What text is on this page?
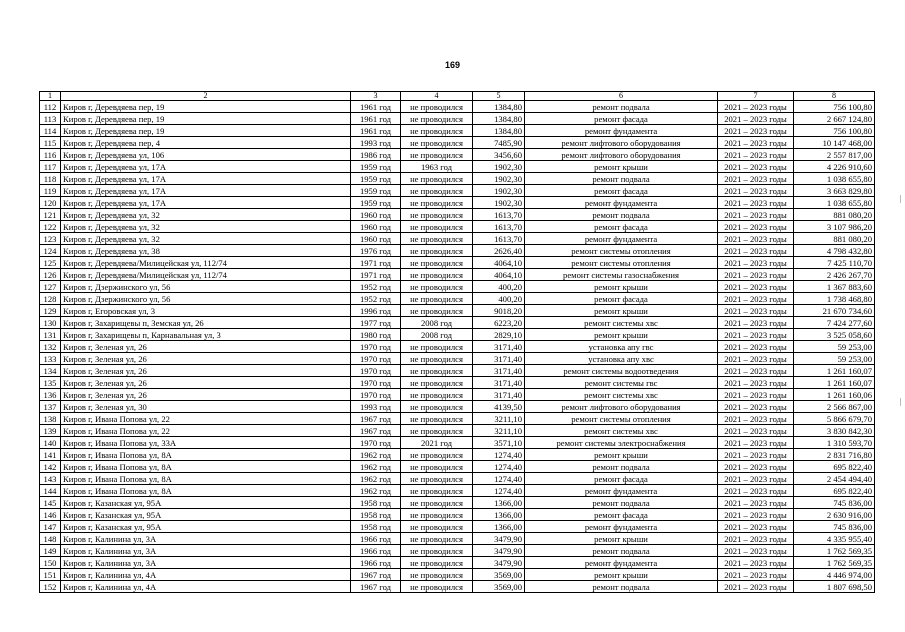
169
1	2	3	4	5	6	7	8
112	Киров г, Деревдяева пер, 19	1961 год	не проводился	1384,80	ремонт подвала	2021 – 2023 годы	756 100,80
113	Киров г, Деревдяева пер, 19	1961 год	не проводился	1384,80	ремонт фасада	2021 – 2023 годы	2 667 124,80
114	Киров г, Деревдяева пер, 19	1961 год	не проводился	1384,80	ремонт фундамента	2021 – 2023 годы	756 100,80
115	Киров г, Деревдяева пер, 4	1993 год	не проводился	7485,90	ремонт лифтового оборудования	2021 – 2023 годы	10 147 468,00
116	Киров г, Деревдяева ул, 106	1986 год	не проводился	3456,60	ремонт лифтового оборудования	2021 – 2023 годы	2 557 817,00
117	Киров г, Деревдяева ул, 17А	1959 год	1963 год	1902,30	ремонт крыши	2021 – 2023 годы	4 226 910,60
118	Киров г, Деревдяева ул, 17А	1959 год	не проводился	1902,30	ремонт подвала	2021 – 2023 годы	1 038 655,80
119	Киров г, Деревдяева ул, 17А	1959 год	не проводился	1902,30	ремонт фасада	2021 – 2023 годы	3 663 829,80
120	Киров г, Деревдяева ул, 17А	1959 год	не проводился	1902,30	ремонт фундамента	2021 – 2023 годы	1 038 655,80
121	Киров г, Деревдяева ул, 32	1960 год	не проводился	1613,70	ремонт подвала	2021 – 2023 годы	881 080,20
122	Киров г, Деревдяева ул, 32	1960 год	не проводился	1613,70	ремонт фасада	2021 – 2023 годы	3 107 986,20
123	Киров г, Деревдяева ул, 32	1960 год	не проводился	1613,70	ремонт фундамента	2021 – 2023 годы	881 080,20
124	Киров г, Деревдяева ул, 38	1976 год	не проводился	2626,40	ремонт системы отопления	2021 – 2023 годы	4 798 432,80
125	Киров г, Деревдяева/Милицейская ул, 112/74	1971 год	не проводился	4064,10	ремонт системы отопления	2021 – 2023 годы	7 425 110,70
126	Киров г, Деревдяева/Милицейская ул, 112/74	1971 год	не проводился	4064,10	ремонт системы газоснабжения	2021 – 2023 годы	2 426 267,70
127	Киров г, Дзержинского ул, 56	1952 год	не проводился	400,20	ремонт крыши	2021 – 2023 годы	1 367 883,60
128	Киров г, Дзержинского ул, 56	1952 год	не проводился	400,20	ремонт фасада	2021 – 2023 годы	1 738 468,80
129	Киров г, Егоровская ул, 3	1996 год	не проводился	9018,20	ремонт крыши	2021 – 2023 годы	21 670 734,60
130	Киров г, Захарищевы п, Земская ул, 26	1977 год	2008 год	6223,20	ремонт системы хвс	2021 – 2023 годы	7 424 277,60
131	Киров г, Захарищевы п, Карнавальная ул, 3	1980 год	2008 год	2829,10	ремонт крыши	2021 – 2023 годы	3 525 058,60
132	Киров г, Зеленая ул, 26	1970 год	не проводился	3171,40	установка апу гвс	2021 – 2023 годы	59 253,00
133	Киров г, Зеленая ул, 26	1970 год	не проводился	3171,40	установка апу хвс	2021 – 2023 годы	59 253,00
134	Киров г, Зеленая ул, 26	1970 год	не проводился	3171,40	ремонт системы водоотведения	2021 – 2023 годы	1 261 160,07
135	Киров г, Зеленая ул, 26	1970 год	не проводился	3171,40	ремонт системы гвс	2021 – 2023 годы	1 261 160,07
136	Киров г, Зеленая ул, 26	1970 год	не проводился	3171,40	ремонт системы хвс	2021 – 2023 годы	1 261 160,06
137	Киров г, Зеленая ул, 30	1993 год	не проводился	4139,50	ремонт лифтового оборудования	2021 – 2023 годы	2 566 867,00
138	Киров г, Ивана Попова ул, 22	1967 год	не проводился	3211,10	ремонт системы отопления	2021 – 2023 годы	5 866 679,70
139	Киров г, Ивана Попова ул, 22	1967 год	не проводился	3211,10	ремонт системы хвс	2021 – 2023 годы	3 830 842,30
140	Киров г, Ивана Попова ул, 33А	1970 год	2021 год	3571,10	ремонт системы электроснабжения	2021 – 2023 годы	1 310 593,70
141	Киров г, Ивана Попова ул, 8А	1962 год	не проводился	1274,40	ремонт крыши	2021 – 2023 годы	2 831 716,80
142	Киров г, Ивана Попова ул, 8А	1962 год	не проводился	1274,40	ремонт подвала	2021 – 2023 годы	695 822,40
143	Киров г, Ивана Попова ул, 8А	1962 год	не проводился	1274,40	ремонт фасада	2021 – 2023 годы	2 454 494,40
144	Киров г, Ивана Попова ул, 8А	1962 год	не проводился	1274,40	ремонт фундамента	2021 – 2023 годы	695 822,40
145	Киров г, Казанская ул, 95А	1958 год	не проводился	1366,00	ремонт подвала	2021 – 2023 годы	745 836,00
146	Киров г, Казанская ул, 95А	1958 год	не проводился	1366,00	ремонт фасада	2021 – 2023 годы	2 630 916,00
147	Киров г, Казанская ул, 95А	1958 год	не проводился	1366,00	ремонт фундамента	2021 – 2023 годы	745 836,00
148	Киров г, Калинина ул, 3А	1966 год	не проводился	3479,90	ремонт крыши	2021 – 2023 годы	4 335 955,40
149	Киров г, Калинина ул, 3А	1966 год	не проводился	3479,90	ремонт подвала	2021 – 2023 годы	1 762 569,35
150	Киров г, Калинина ул, 3А	1966 год	не проводился	3479,90	ремонт фундамента	2021 – 2023 годы	1 762 569,35
151	Киров г, Калинина ул, 4А	1967 год	не проводился	3569,00	ремонт крыши	2021 – 2023 годы	4 446 974,00
152	Киров г, Калинина ул, 4А	1967 год	не проводился	3569,00	ремонт подвала	2021 – 2023 годы	1 807 698,50
